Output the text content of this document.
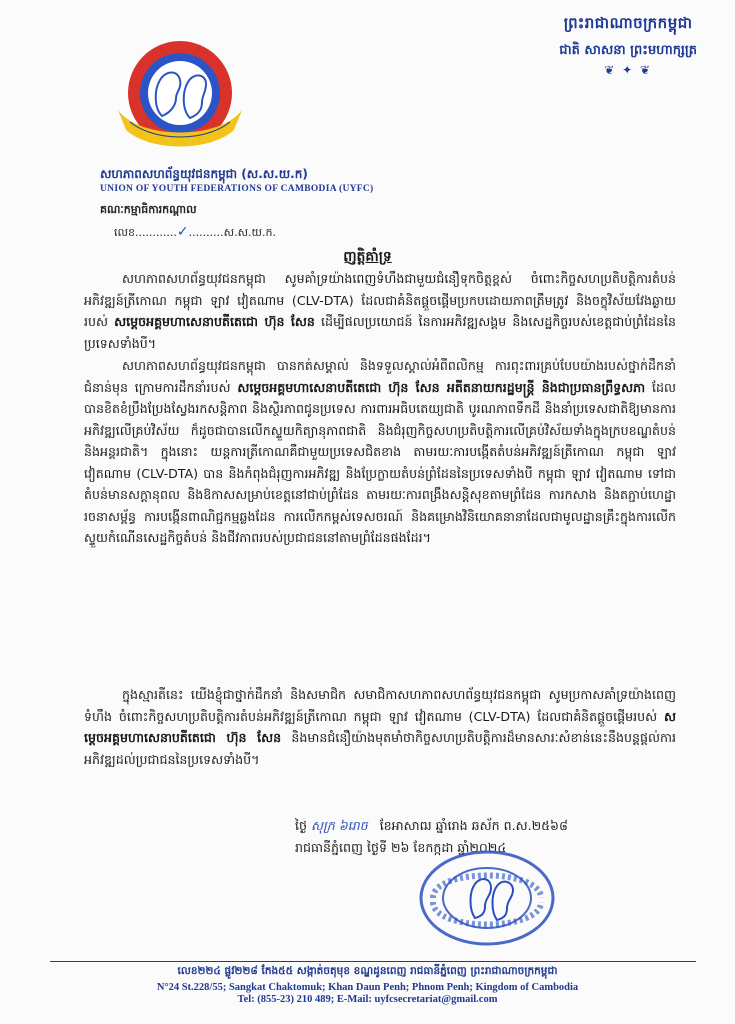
ព្រះរាជាណាចក្រកម្ពុជា
ជាតិ សាសនា ព្រះមហាក្សត្រ
❦ ✦ ❦
សហភាពសហព័ន្ធយុវជនកម្ពុជា (ស.ស.យ.ក)
UNION OF YOUTH FEDERATIONS OF CAMBODIA (UYFC)
គណៈកម្មាធិការកណ្តាល
លេខ............✓..........ស.ស.យ.ក.
ញត្តិគាំទ្រ
សហភាពសហព័ន្ធយុវជនកម្ពុជា សូមគាំទ្រយ៉ាងពេញទំហឹងជាមួយជំនឿទុកចិត្តខ្ពស់ ចំពោះកិច្ចសហប្រតិបត្តិការតំបន់អភិវឌ្ឍន៍ត្រីកោណ កម្ពុជា ឡាវ វៀតណាម (CLV-DTA) ដែលជាគំនិតផ្តួចផ្តើមប្រកបដោយភាពត្រឹមត្រូវ និងចក្ខុវិស័យវែងឆ្ងាយ របស់ សម្តេចអគ្គមហាសេនាបតីតេជោ ហ៊ុន សែន ដើម្បីផលប្រយោជន៍ នៃការអភិវឌ្ឍសង្គម និងសេដ្ឋកិច្ចរបស់ខេត្តជាប់ព្រំដែននៃប្រទេសទាំងបី។
សហភាពសហព័ន្ធយុវជនកម្ពុជា បានកត់សម្គាល់ និងទទួលស្គាល់អំពីពលិកម្ម ការពុះពារគ្រប់បែបយ៉ាងរបស់ថ្នាក់ដឹកនាំជំនាន់មុន ក្រោមការដឹកនាំរបស់ សម្តេចអគ្គមហាសេនាបតីតេជោ ហ៊ុន សែន អតីតនាយករដ្ឋមន្ត្រី និងជាប្រធានព្រឹទ្ធសភា ដែលបានខិតខំប្រឹងប្រែងស្វែងរកសន្តិភាព និងស្ថិរភាពជូនប្រទេស ការពារអធិបតេយ្យជាតិ បូរណភាពទឹកដី និងនាំប្រទេសជាតិឱ្យមានការអភិវឌ្ឍលើគ្រប់វិស័យ ក៏ដូចជាបានលើកស្ទួយកិត្យានុភាពជាតិ និងជំរុញកិច្ចសហប្រតិបត្តិការលើគ្រប់វិស័យទាំងក្នុងក្របខណ្ឌតំបន់ និងអន្តរជាតិ។ ក្នុងនោះ យន្តការត្រីកោណគឺជាមួយប្រទេសជិតខាង តាមរយៈការបង្កើតតំបន់អភិវឌ្ឍន៍ត្រីកោណ កម្ពុជា ឡាវ វៀតណាម (CLV-DTA) បាន និងកំពុងជំរុញការអភិវឌ្ឍ និងប្រែក្លាយតំបន់ព្រំដែននៃប្រទេសទាំងបី កម្ពុជា ឡាវ វៀតណាម ទៅជាតំបន់មានសក្តានុពល និងឱកាសសម្រាប់ខេត្តនៅជាប់ព្រំដែន តាមរយៈការពង្រឹងសន្តិសុខតាមព្រំដែន ការកសាង និងតភ្ជាប់ហេដ្ឋារចនាសម្ព័ន្ធ ការបង្កើនពាណិជ្ជកម្មឆ្លងដែន ការលើកកម្ពស់ទេសចរណ៍ និងគម្រោងវិនិយោគនានាដែលជាមូលដ្ឋានគ្រឹះក្នុងការលើកស្ទួយកំណើនសេដ្ឋកិច្ចតំបន់ និងជីវភាពរបស់ប្រជាជននៅតាមព្រំដែនផងដែរ។
ក្នុងស្មារតីនេះ យើងខ្ញុំជាថ្នាក់ដឹកនាំ និងសមាជិក សមាជិកាសហភាពសហព័ន្ធយុវជនកម្ពុជា សូមប្រកាសគាំទ្រយ៉ាងពេញទំហឹង ចំពោះកិច្ចសហប្រតិបត្តិការតំបន់អភិវឌ្ឍន៍ត្រីកោណ កម្ពុជា ឡាវ វៀតណាម (CLV-DTA) ដែលជាគំនិតផ្តួចផ្តើមរបស់ សម្តេចអគ្គមហាសេនាបតីតេជោ ហ៊ុន សែន និងមានជំនឿយ៉ាងមុតមាំថាកិច្ចសហប្រតិបត្តិការដ៏មានសារៈសំខាន់នេះនឹងបន្តផ្តល់ការអភិវឌ្ឍដល់ប្រជាជននៃប្រទេសទាំងបី។
ថ្ងៃ សុក្រ ៦រោច ខែអាសាឍ ឆ្នាំរោង ឆស័ក ព.ស.២៥៦៨
រាជធានីភ្នំពេញ ថ្ងៃទី ២៦ ខែកក្កដា ឆ្នាំ២០២៤
លេខ២២៤ ផ្លូវ២២៨ កែង៥៥ សង្កាត់ចតុមុខ ខណ្ឌដូនពេញ រាជធានីភ្នំពេញ ព្រះរាជាណាចក្រកម្ពុជា
N°24 St.228/55; Sangkat Chaktomuk; Khan Daun Penh; Phnom Penh; Kingdom of Cambodia
Tel: (855-23) 210 489; E-Mail: uyfcsecretariat@gmail.com
